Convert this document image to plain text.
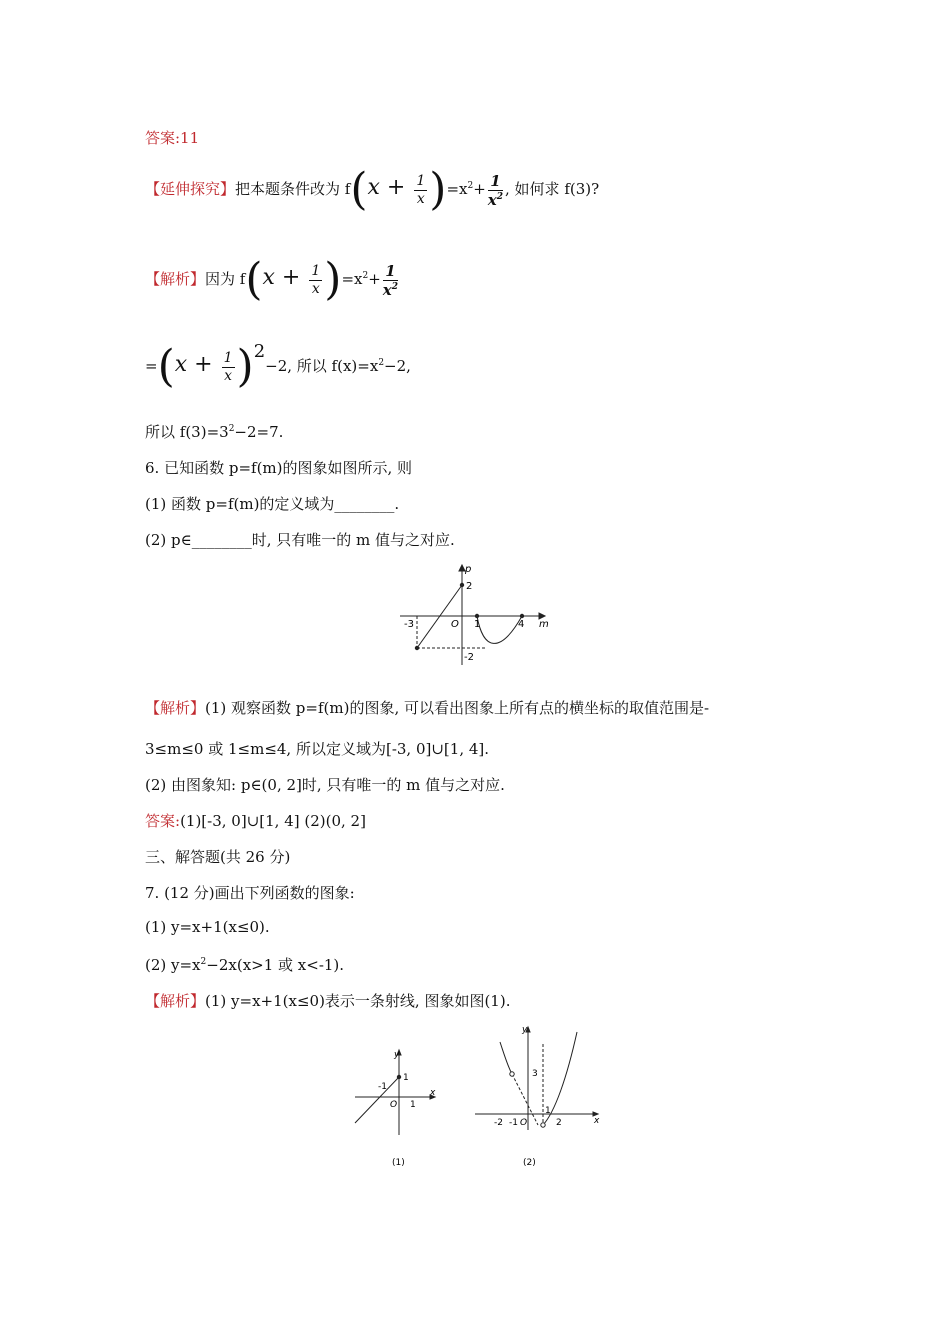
答案:11
【延伸探究】把本题条件改为 $f(x + \frac{1}{x} )=x^2+ \frac{1}{x^2}$ , 如何求 f(3)?
【解析】因为 $f(x + \frac{1}{x} )=x^2+ \frac{1}{x^2}$
$=(x + \frac{1}{x} )^2-2$, 所以 $f(x)=x^2-2$,
所以 $f(3)=3^2-2=7$.
6. 已知函数 p=f(m)的图象如图所示, 则
(1) 函数 p=f(m)的定义域为________.
(2) p∈________时, 只有唯一的 m 值与之对应.
p
m
O
-3	1	4
2
-2
【解析】(1) 观察函数 p=f(m)的图象, 可以看出图象上所有点的横坐标的取值范围是-
3≤m≤0 或 1≤m≤4, 所以定义域为[-3, 0]∪[1, 4].
(2) 由图象知: p∈(0, 2]时, 只有唯一的 m 值与之对应.
答案:(1)[-3, 0]∪[1, 4] (2)(0, 2]
三、解答题(共 26 分)
7. (12 分)画出下列函数的图象:
(1) y=x+1(x≤0).
(2) $y=x^2-2x(x>1$ 或 x<-1).
【解析】(1) y=x+1(x≤0)表示一条射线, 图象如图(1).
y
x
O 1
-1
1
(1)
y
x
O
3
1
2
-2 -1
(2)
